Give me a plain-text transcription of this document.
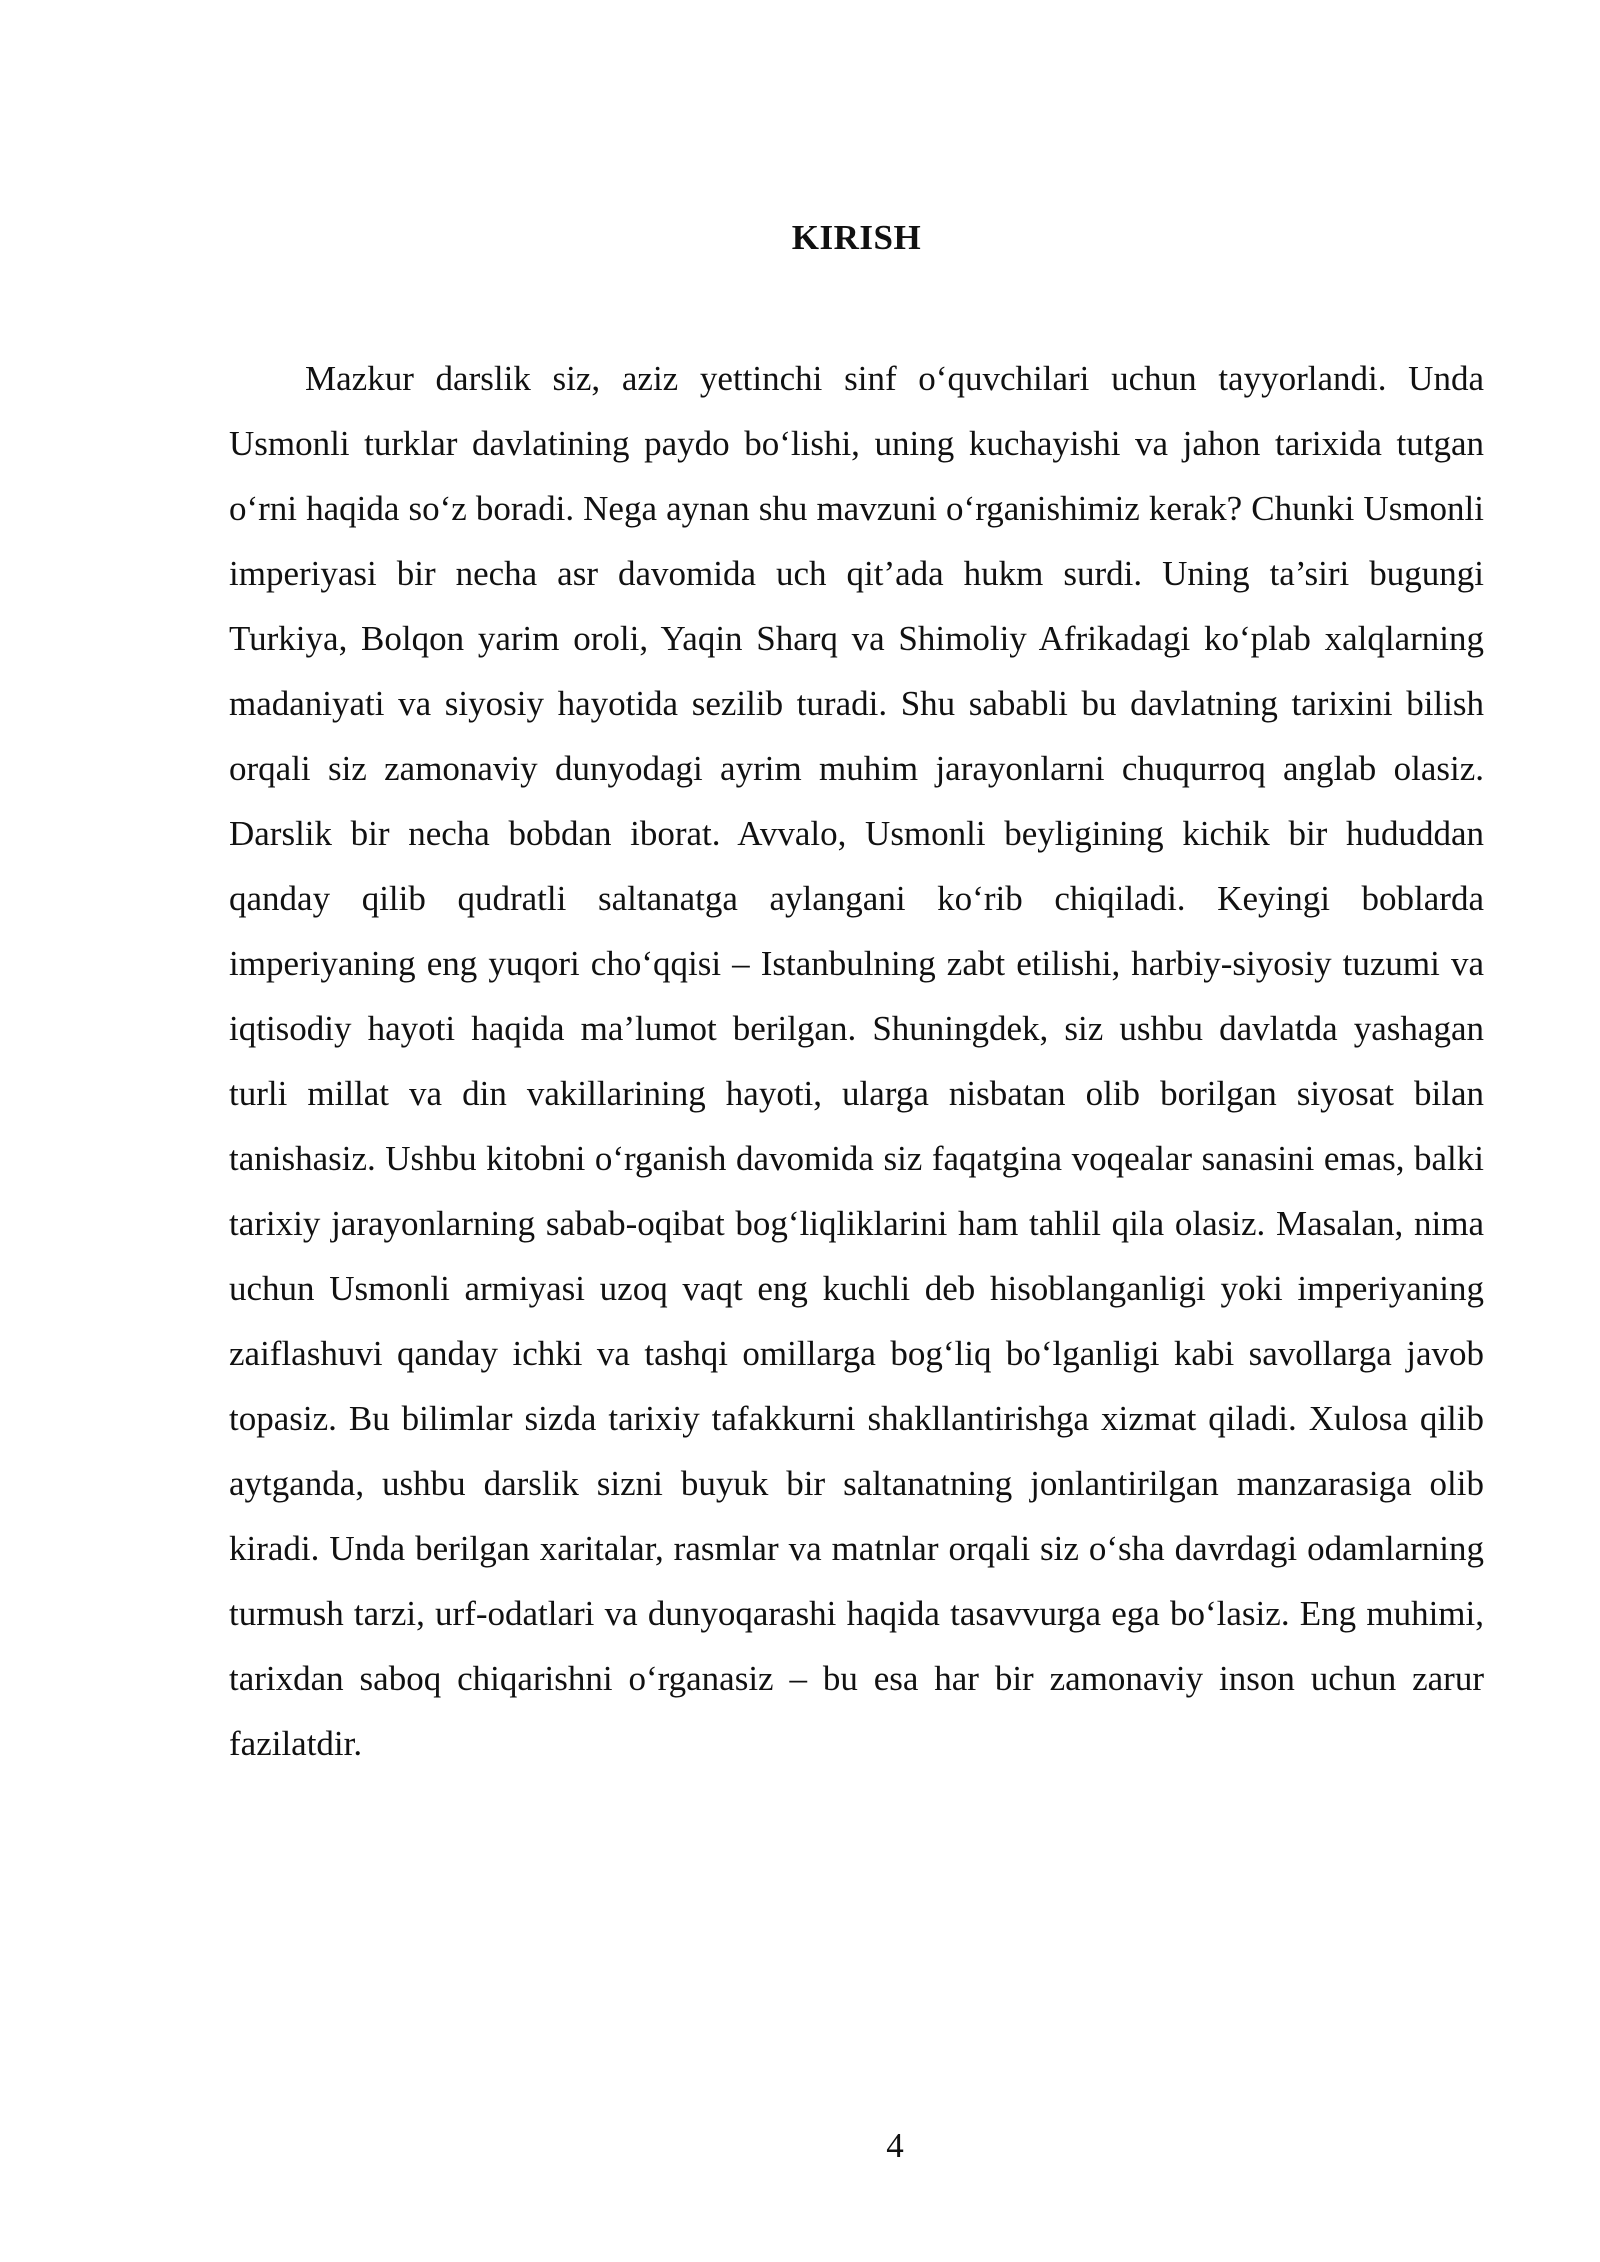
KIRISH

Mazkur darslik siz, aziz yettinchi sinf o‘quvchilari uchun tayyorlandi. Unda Usmonli turklar davlatining paydo bo‘lishi, uning kuchayishi va jahon tarixida tutgan o‘rni haqida so‘z boradi. Nega aynan shu mavzuni o‘rganishimiz kerak? Chunki Usmonli imperiyasi bir necha asr davomida uch qit’ada hukm surdi. Uning ta’siri bugungi Turkiya, Bolqon yarim oroli, Yaqin Sharq va Shimoliy Afrikadagi ko‘plab xalqlarning madaniyati va siyosiy hayotida sezilib turadi. Shu sababli bu davlatning tarixini bilish orqali siz zamonaviy dunyodagi ayrim muhim jarayonlarni chuqurroq anglab olasiz. Darslik bir necha bobdan iborat. Avvalo, Usmonli beyligining kichik bir hududdan qanday qilib qudratli saltanatga aylangani ko‘rib chiqiladi. Keyingi boblarda imperiyaning eng yuqori cho‘qqisi – Istanbulning zabt etilishi, harbiy-siyosiy tuzumi va iqtisodiy hayoti haqida ma’lumot berilgan. Shuningdek, siz ushbu davlatda yashagan turli millat va din vakillarining hayoti, ularga nisbatan olib borilgan siyosat bilan tanishasiz. Ushbu kitobni o‘rganish davomida siz faqatgina voqealar sanasini emas, balki tarixiy jarayonlarning sabab-oqibat bog‘liqliklarini ham tahlil qila olasiz. Masalan, nima uchun Usmonli armiyasi uzoq vaqt eng kuchli deb hisoblanganligi yoki imperiyaning zaiflashuvi qanday ichki va tashqi omillarga bog‘liq bo‘lganligi kabi savollarga javob topasiz. Bu bilimlar sizda tarixiy tafakkurni shakllantirishga xizmat qiladi. Xulosa qilib aytganda, ushbu darslik sizni buyuk bir saltanatning jonlantirilgan manzarasiga olib kiradi. Unda berilgan xaritalar, rasmlar va matnlar orqali siz o‘sha davrdagi odamlarning turmush tarzi, urf-odatlari va dunyoqarashi haqida tasavvurga ega bo‘lasiz. Eng muhimi, tarixdan saboq chiqarishni o‘rganasiz – bu esa har bir zamonaviy inson uchun zarur fazilatdir.

4
